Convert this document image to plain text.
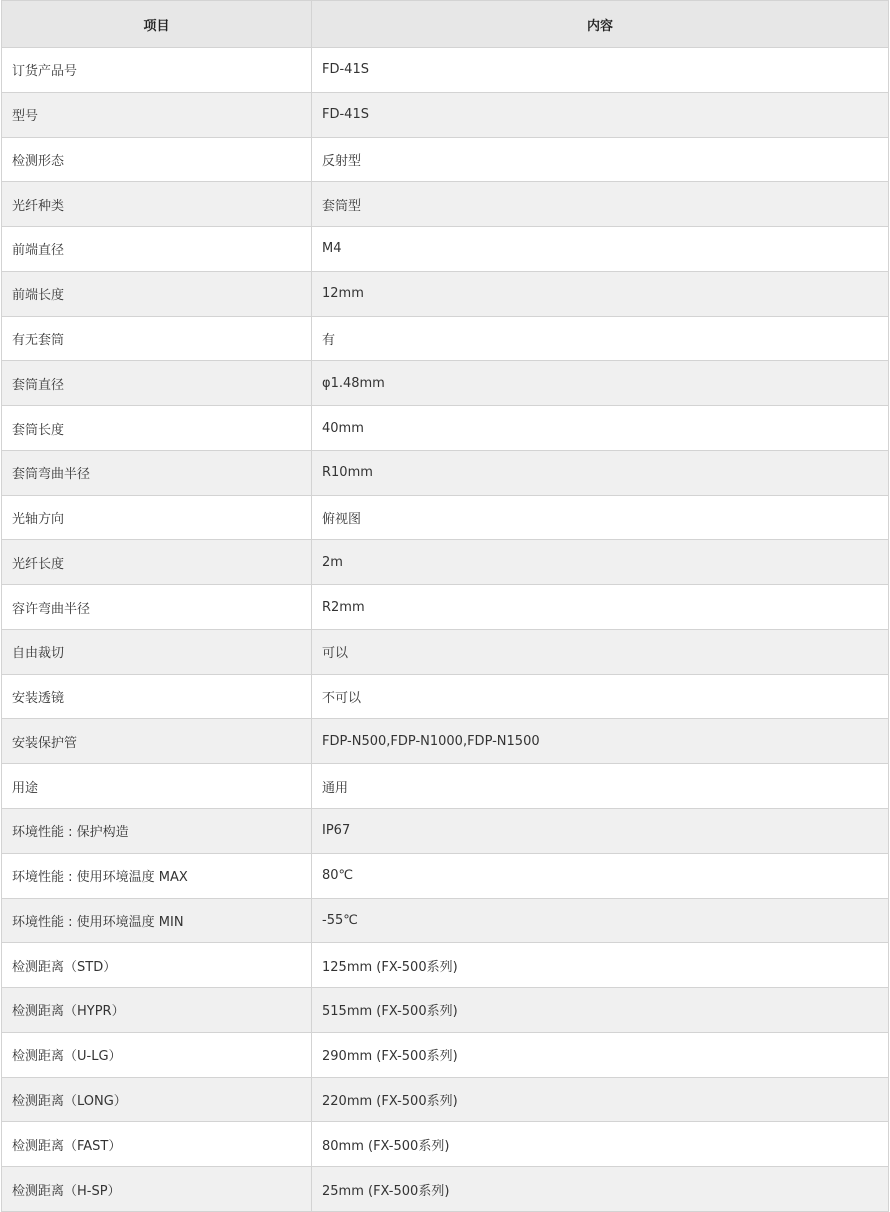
项目	内容
订货产品号	FD-41S
型号	FD-41S
检测形态	反射型
光纤种类	套筒型
前端直径	M4
前端长度	12mm
有无套筒	有
套筒直径	φ1.48mm
套筒长度	40mm
套筒弯曲半径	R10mm
光轴方向	俯视图
光纤长度	2m
容许弯曲半径	R2mm
自由裁切	可以
安装透镜	不可以
安装保护管	FDP-N500,FDP-N1000,FDP-N1500
用途	通用
环境性能 : 保护构造	IP67
环境性能 : 使用环境温度 MAX	80℃
环境性能 : 使用环境温度 MIN	-55℃
检测距离（STD）	125mm (FX-500系列)
检测距离（HYPR）	515mm (FX-500系列)
检测距离（U-LG）	290mm (FX-500系列)
检测距离（LONG）	220mm (FX-500系列)
检测距离（FAST）	80mm (FX-500系列)
检测距离（H-SP）	25mm (FX-500系列)
